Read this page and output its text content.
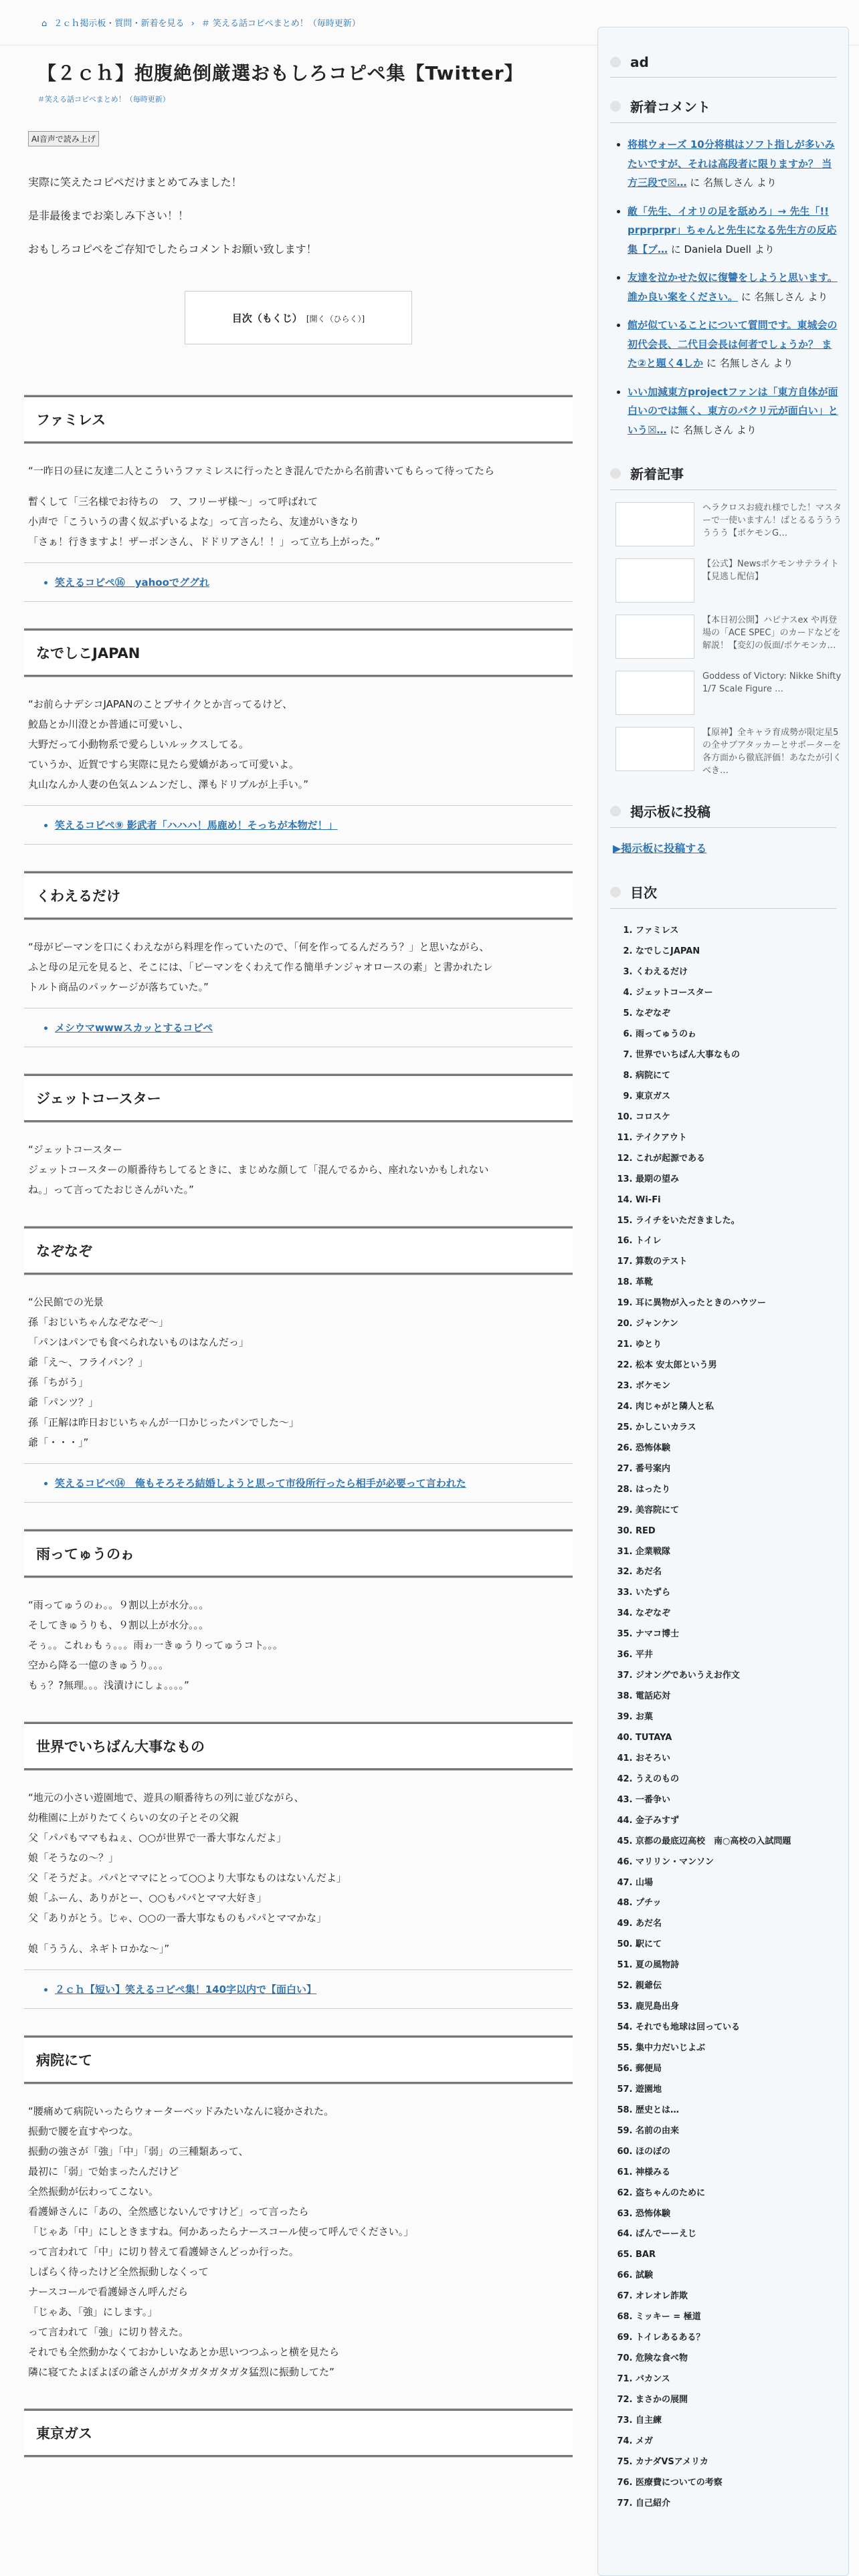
⌂ ２ｃｈ掲示板・質問・新着を見る › ＃ 笑える話コピペまとめ！（毎時更新）
【２ｃｈ】抱腹絶倒厳選おもしろコピペ集【Twitter】
＃笑える話コピペまとめ！（毎時更新）
AI音声で読み上げ

実際に笑えたコピペだけまとめてみました！

是非最後までお楽しみ下さい！！

おもしろコピペをご存知でしたらコメントお願い致します！

目次（もくじ） [開く（ひらく）]
ファミレス
“一昨日の昼に友達二人とこういうファミレスに行ったとき混んでたから名前書いてもらって待ってたら
暫くして「三名様でお待ちの　フ、フリーザ様〜」って呼ばれて
小声で「こういうの書く奴ぶずいるよな」って言ったら、友達がいきなり
「さぁ！行きますよ！ザーボンさん、ドドリアさん！！」って立ち上がった。”
• 笑えるコピペ⑯　yahooでググれ
なでしこJAPAN
“お前らナデシコJAPANのことブサイクとか言ってるけど、
鮫島とか川澄とか普通に可愛いし、
大野だって小動物系で愛らしいルックスしてる。
ていうか、近賀ですら実際に見たら愛嬌があって可愛いよ。
丸山なんか人妻の色気ムンムンだし、澤もドリブルが上手い。”
• 笑えるコピペ⑨ 影武者「ハハハ！馬鹿め！そっちが本物だ！」
くわえるだけ
“母がピーマンを口にくわえながら料理を作っていたので、「何を作ってるんだろう？」と思いながら、
ふと母の足元を見ると、そこには、「ピーマンをくわえて作る簡単チンジャオロースの素」と書かれたレ
トルト商品のパッケージが落ちていた。”
• メシウマwwwスカッとするコピペ
ジェットコースター
“ジェットコースター
ジェットコースターの順番待ちしてるときに、まじめな顔して「混んでるから、座れないかもしれない
ね。」って言ってたおじさんがいた。”
なぞなぞ
“公民館での光景
孫「おじいちゃんなぞなぞ〜」
「パンはパンでも食べられないものはなんだっ」
爺「え〜、フライパン？」
孫「ちがう」
爺「パンツ？」
孫「正解は昨日おじいちゃんが一口かじったパンでした〜」
爺「・・・」”
• 笑えるコピペ⑭　俺もそろそろ結婚しようと思って市役所行ったら相手が必要って言われた
雨ってゅうのゎ
“雨ってゅうのゎ。。９割以上が水分。。。
そしてきゅうりも、９割以上が水分。。。
そぅ。。これゎもぅ。。。雨ゎ一きゅうりってゅうコト。。。
空から降る一億のきゅうり。。。
もぅ？?無理。。。浅漬けにしょ。。。。”
世界でいちばん大事なもの
“地元の小さい遊園地で、遊具の順番待ちの列に並びながら、
幼稚園に上がりたてくらいの女の子とその父親
父「パパもママもねぇ、○○が世界で一番大事なんだよ」
娘「そうなの〜？」
父「そうだよ。パパとママにとって○○より大事なものはないんだよ」
娘「ふーん、ありがとー、○○もパパとママ大好き」
父「ありがとう。じゃ、○○の一番大事なものもパパとママかな」
娘「ううん、ネギトロかな〜」”
• ２ｃｈ【短い】笑えるコピペ集！140字以内で【面白い】
病院にて
“腰痛めて病院いったらウォーターベッドみたいなんに寝かされた。
振動で腰を直すやつな。
振動の強さが「強」「中」「弱」の三種類あって、
最初に「弱」で始まったんだけど
全然振動が伝わってこない。
看護婦さんに「あの、全然感じないんですけど」って言ったら
「じゃあ「中」にしときますね。何かあったらナースコール使って呼んでください。」
って言われて「中」に切り替えて看護婦さんどっか行った。
しばらく待ったけど全然振動しなくって
ナースコールで看護婦さん呼んだら
「じゃあ、「強」にします。」
って言われて「強」に切り替えた。
それでも全然動かなくておかしいなあとか思いつつふっと横を見たら
隣に寝てたよぼよぼの爺さんがガタガタガタガタ猛烈に振動してた”
東京ガス
ad
新着コメント
• 将棋ウォーズ 10分将棋はソフト指しが多いみたいですが、それは高段者に限りますか？ 当方三段で☒… に 名無しさん より
• 敵「先生、イオリの足を舐めろ」→ 先生「!! prprprpr」ちゃんと先生になる先生方の反応集【ブ… に Daniela Duell より
• 友達を泣かせた奴に復讐をしようと思います。誰か良い案をください。 に 名無しさん より
• 館が似ていることについて質問です。東城会の初代会長、二代目会長は何者でしょうか？ また②と題く4しか に 名無しさん より
• いい加減東方projectファンは「東方自体が面白いのでは無く、東方のパクリ元が面白い」という☒… に 名無しさん より
新着記事
ヘラクロスお疲れ様でした！マスターで一使いますん！ばとるるうううううう【ポケモンG…
【公式】Newsポケモンサテライト【見逃し配信】
【本日初公開】ハピナスex や再登場の「ACE SPEC」のカードなどを解説！【変幻の仮面/ポケモンカ…
Goddess of Victory: Nikke Shifty 1/7 Scale Figure …
【原神】全キャラ育成勢が限定星5の全サブアタッカーとサポーターを各方面から徹底評価！あなたが引くべき…
掲示板に投稿
▶掲示板に投稿する
目次
1. ファミレス
2. なでしこJAPAN
3. くわえるだけ
4. ジェットコースター
5. なぞなぞ
6. 雨ってゅうのゎ
7. 世界でいちばん大事なもの
8. 病院にて
9. 東京ガス
10. コロスケ
11. テイクアウト
12. これが起源である
13. 最期の望み
14. Wi-Fi
15. ライチをいただきました。
16. トイレ
17. 算数のテスト
18. 革靴
19. 耳に異物が入ったときのハウツー
20. ジャンケン
21. ゆとり
22. 松本 安太郎という男
23. ボケモン
24. 肉じゃがと隣人と私
25. かしこいカラス
26. 恐怖体験
27. 番号案内
28. はったり
29. 美容院にて
30. RED
31. 企業戦隊
32. あだ名
33. いたずら
34. なぞなぞ
35. ナマコ博士
36. 平井
37. ジオングであいうえお作文
38. 電話応対
39. お菓
40. TUTAYA
41. おそろい
42. うえのもの
43. 一番争い
44. 金子みすず
45. 京都の最底辺高校　南○高校の入試問題
46. マリリン・マンソン
47. 山場
48. プチッ
49. あだ名
50. 駅にて
51. 夏の風物詩
52. 親爺伝
53. 鹿児島出身
54. それでも地球は回っている
55. 集中力だいじよぶ
56. 郵便局
57. 遊園地
58. 歴史とは…
59. 名前の由来
60. ほのぼの
61. 神様みる
62. 盗ちゃんのために
63. 恐怖体験
64. ばんでーーえじ
65. BAR
66. 試験
67. オレオレ詐欺
68. ミッキー = 極道
69. トイレあるある？
70. 危険な食べ物
71. バカンス
72. まさかの展開
73. 自主練
74. メガ
75. カナダVSアメリカ
76. 医療費についての考察
77. 自己紹介
